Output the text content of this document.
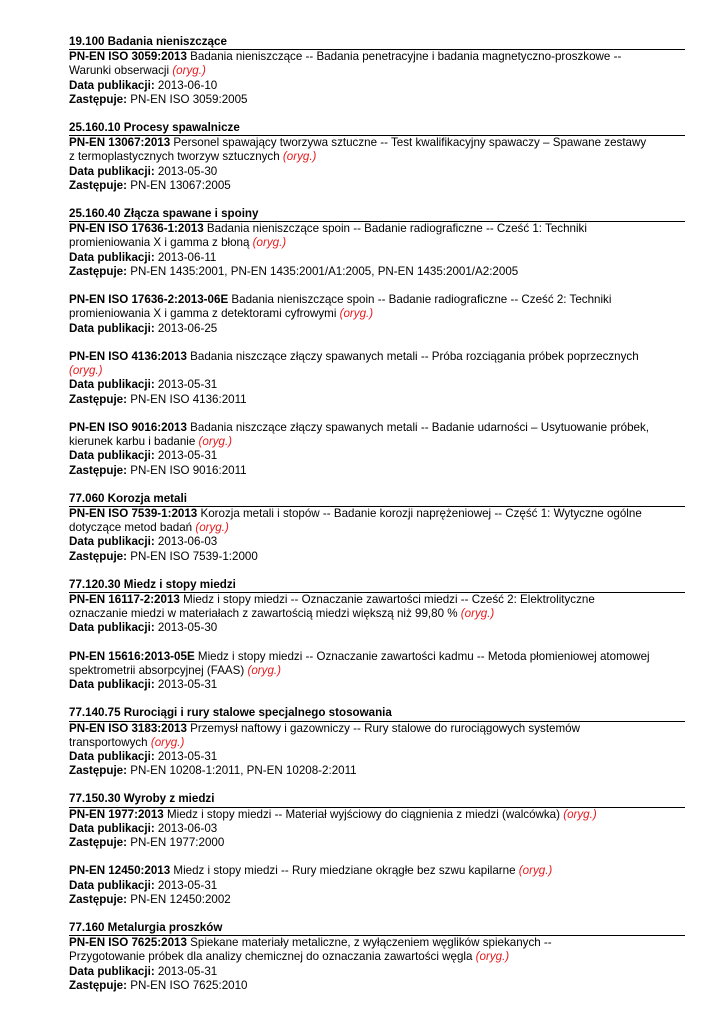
19.100 Badania nieniszczące
PN-EN ISO 3059:2013 Badania nieniszczące -- Badania penetracyjne i badania magnetyczno-proszkowe --
Warunki obserwacji (oryg.)
Data publikacji: 2013-06-10
Zastępuje: PN-EN ISO 3059:2005
25.160.10 Procesy spawalnicze
PN-EN 13067:2013 Personel spawający tworzywa sztuczne -- Test kwalifikacyjny spawaczy – Spawane zestawy
z termoplastycznych tworzyw sztucznych (oryg.)
Data publikacji: 2013-05-30
Zastępuje: PN-EN 13067:2005
25.160.40 Złącza spawane i spoiny
PN-EN ISO 17636-1:2013 Badania nieniszczące spoin -- Badanie radiograficzne -- Cześć 1: Techniki
promieniowania X i gamma z błoną (oryg.)
Data publikacji: 2013-06-11
Zastępuje: PN-EN 1435:2001, PN-EN 1435:2001/A1:2005, PN-EN 1435:2001/A2:2005
PN-EN ISO 17636-2:2013-06E Badania nieniszczące spoin -- Badanie radiograficzne -- Cześć 2: Techniki
promieniowania X i gamma z detektorami cyfrowymi (oryg.)
Data publikacji: 2013-06-25
PN-EN ISO 4136:2013 Badania niszczące złączy spawanych metali -- Próba rozciągania próbek poprzecznych
(oryg.)
Data publikacji: 2013-05-31
Zastępuje: PN-EN ISO 4136:2011
PN-EN ISO 9016:2013 Badania niszczące złączy spawanych metali -- Badanie udarności – Usytuowanie próbek,
kierunek karbu i badanie (oryg.)
Data publikacji: 2013-05-31
Zastępuje: PN-EN ISO 9016:2011
77.060 Korozja metali
PN-EN ISO 7539-1:2013 Korozja metali i stopów -- Badanie korozji naprężeniowej -- Część 1: Wytyczne ogólne
dotyczące metod badań (oryg.)
Data publikacji: 2013-06-03
Zastępuje: PN-EN ISO 7539-1:2000
77.120.30 Miedz i stopy miedzi
PN-EN 16117-2:2013 Miedz i stopy miedzi -- Oznaczanie zawartości miedzi -- Cześć 2: Elektrolityczne
oznaczanie miedzi w materiałach z zawartością miedzi większą niż 99,80 % (oryg.)
Data publikacji: 2013-05-30
PN-EN 15616:2013-05E Miedz i stopy miedzi -- Oznaczanie zawartości kadmu -- Metoda płomieniowej atomowej
spektrometrii absorpcyjnej (FAAS) (oryg.)
Data publikacji: 2013-05-31
77.140.75 Rurociągi i rury stalowe specjalnego stosowania
PN-EN ISO 3183:2013 Przemysł naftowy i gazowniczy -- Rury stalowe do rurociągowych systemów
transportowych (oryg.)
Data publikacji: 2013-05-31
Zastępuje: PN-EN 10208-1:2011, PN-EN 10208-2:2011
77.150.30 Wyroby z miedzi
PN-EN 1977:2013 Miedz i stopy miedzi -- Materiał wyjściowy do ciągnienia z miedzi (walcówka) (oryg.)
Data publikacji: 2013-06-03
Zastępuje: PN-EN 1977:2000
PN-EN 12450:2013 Miedz i stopy miedzi -- Rury miedziane okrągłe bez szwu kapilarne (oryg.)
Data publikacji: 2013-05-31
Zastępuje: PN-EN 12450:2002
77.160 Metalurgia proszków
PN-EN ISO 7625:2013 Spiekane materiały metaliczne, z wyłączeniem węglików spiekanych --
Przygotowanie próbek dla analizy chemicznej do oznaczania zawartości węgla (oryg.)
Data publikacji: 2013-05-31
Zastępuje: PN-EN ISO 7625:2010
